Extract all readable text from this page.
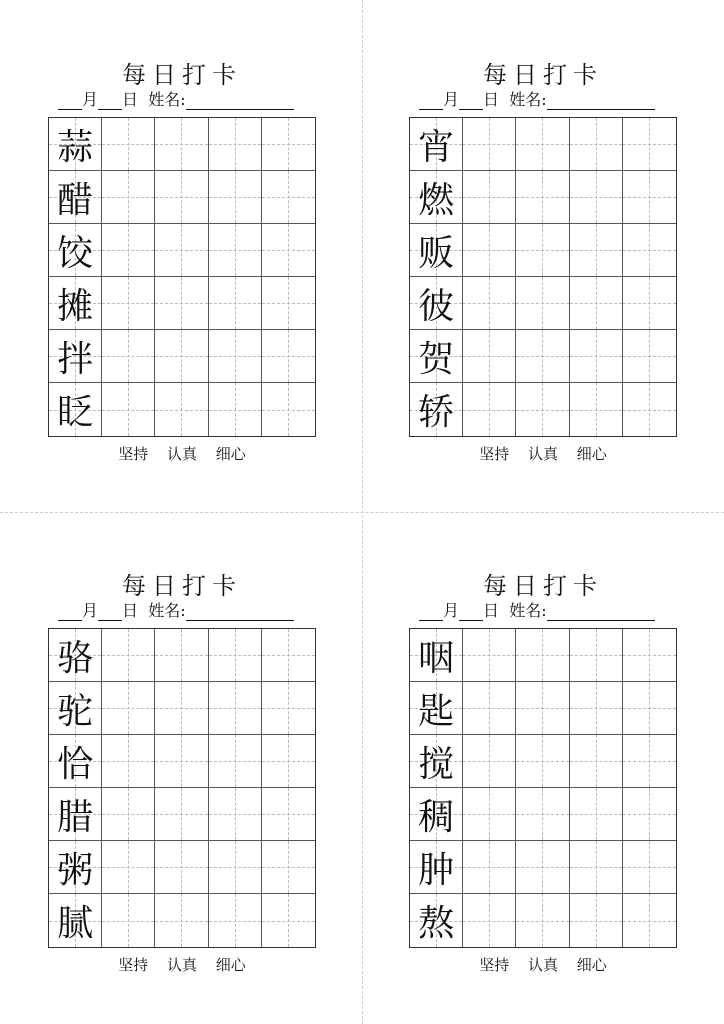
每日打卡
月 日 姓名:
蒜
醋
饺
摊
拌
眨
坚持 认真 细心
每日打卡
月 日 姓名:
宵
燃
贩
彼
贺
轿
坚持 认真 细心
每日打卡
月 日 姓名:
骆
驼
恰
腊
粥
腻
坚持 认真 细心
每日打卡
月 日 姓名:
咽
匙
搅
稠
肿
熬
坚持 认真 细心
